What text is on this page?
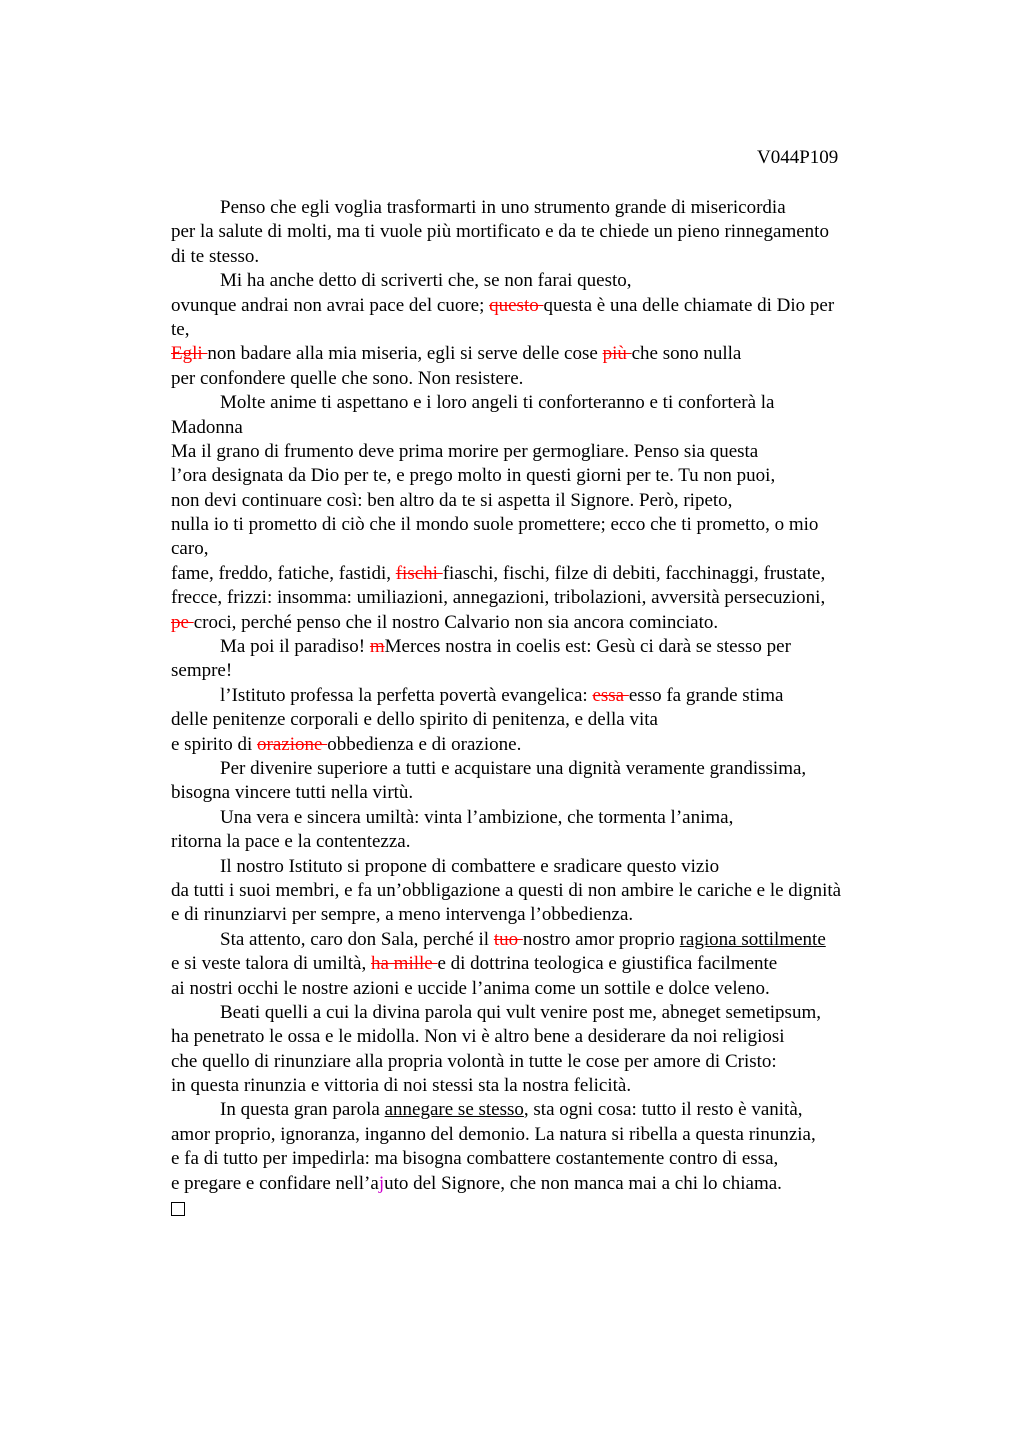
V044P109
Penso che egli voglia trasformarti in uno strumento grande di misericordia
per la salute di molti, ma ti vuole più mortificato e da te chiede un pieno rinnegamento
di te stesso.
Mi ha anche detto di scriverti che, se non farai questo,
ovunque andrai non avrai pace del cuore; questo questa è una delle chiamate di Dio per
te,
Egli non badare alla mia miseria, egli si serve delle cose più che sono nulla
per confondere quelle che sono. Non resistere.
Molte anime ti aspettano e i loro angeli ti conforteranno e ti conforterà la
Madonna
Ma il grano di frumento deve prima morire per germogliare. Penso sia questa
l’ora designata da Dio per te, e prego molto in questi giorni per te. Tu non puoi,
non devi continuare così: ben altro da te si aspetta il Signore. Però, ripeto,
nulla io ti prometto di ciò che il mondo suole promettere; ecco che ti prometto, o mio
caro,
fame, freddo, fatiche, fastidi, fischi fiaschi, fischi, filze di debiti, facchinaggi, frustate,
frecce, frizzi: insomma: umiliazioni, annegazioni, tribolazioni, avversità persecuzioni,
pe croci, perché penso che il nostro Calvario non sia ancora cominciato.
Ma poi il paradiso! mMerces nostra in coelis est: Gesù ci darà se stesso per
sempre!
l’Istituto professa la perfetta povertà evangelica: essa esso fa grande stima
delle penitenze corporali e dello spirito di penitenza, e della vita
e spirito di orazione obbedienza e di orazione.
Per divenire superiore a tutti e acquistare una dignità veramente grandissima,
bisogna vincere tutti nella virtù.
Una vera e sincera umiltà: vinta l’ambizione, che tormenta l’anima,
ritorna la pace e la contentezza.
Il nostro Istituto si propone di combattere e sradicare questo vizio
da tutti i suoi membri, e fa un’obbligazione a questi di non ambire le cariche e le dignità
e di rinunziarvi per sempre, a meno intervenga l’obbedienza.
Sta attento, caro don Sala, perché il tuo nostro amor proprio ragiona sottilmente
e si veste talora di umiltà, ha mille e di dottrina teologica e giustifica facilmente
ai nostri occhi le nostre azioni e uccide l’anima come un sottile e dolce veleno.
Beati quelli a cui la divina parola qui vult venire post me, abneget semetipsum,
ha penetrato le ossa e le midolla. Non vi è altro bene a desiderare da noi religiosi
che quello di rinunziare alla propria volontà in tutte le cose per amore di Cristo:
in questa rinunzia e vittoria di noi stessi sta la nostra felicità.
In questa gran parola annegare se stesso, sta ogni cosa: tutto il resto è vanità,
amor proprio, ignoranza, inganno del demonio. La natura si ribella a questa rinunzia,
e fa di tutto per impedirla: ma bisogna combattere costantemente contro di essa,
e pregare e confidare nell’ajuto del Signore, che non manca mai a chi lo chiama.
